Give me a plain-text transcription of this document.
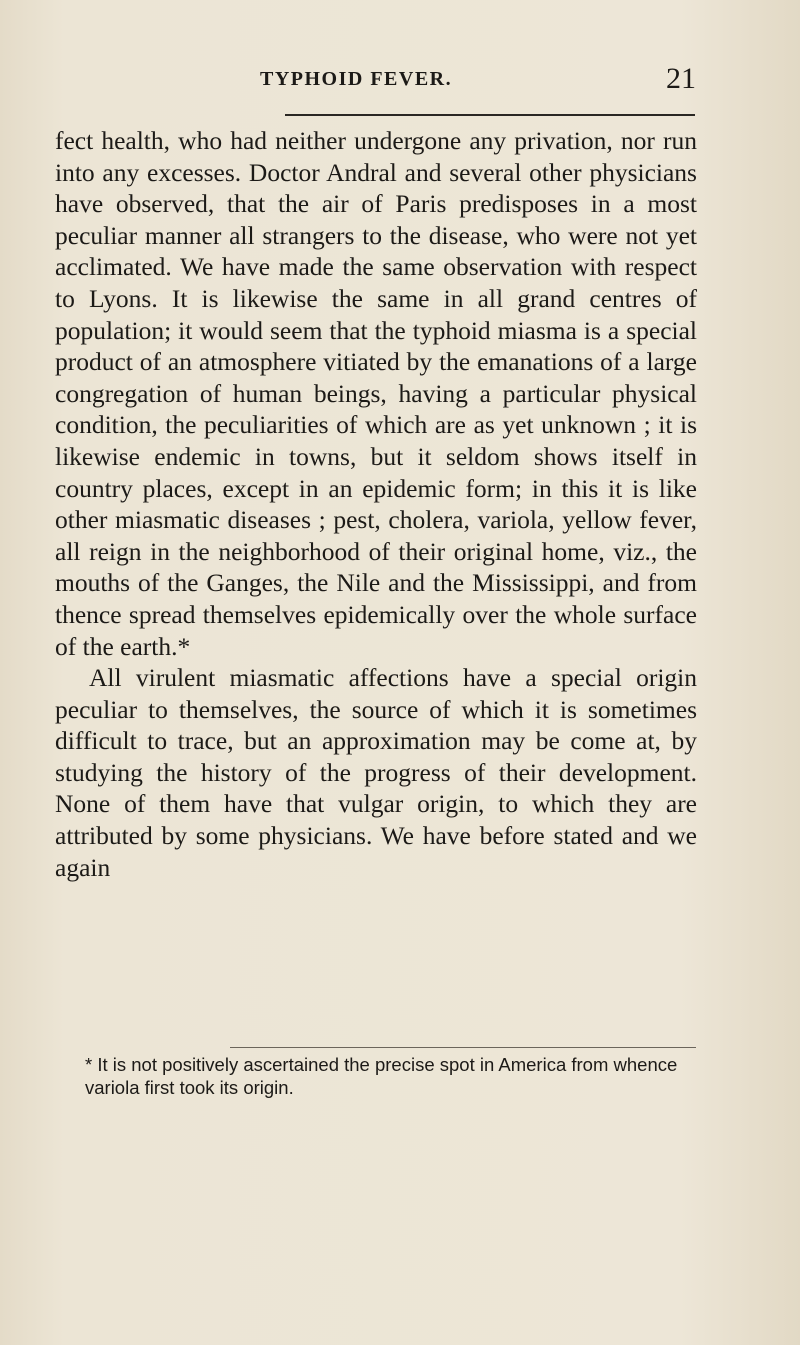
TYPHOID FEVER.	21

fect health, who had neither undergone any privation, nor run into any excesses. Doctor Andral and several other physicians have observed, that the air of Paris predisposes in a most peculiar manner all strangers to the disease, who were not yet acclimated. We have made the same observation with respect to Lyons. It is likewise the same in all grand centres of population; it would seem that the typhoid miasma is a special product of an atmosphere vitiated by the emanations of a large congregation of human beings, having a particular physical condition, the peculiarities of which are as yet unknown ; it is likewise endemic in towns, but it seldom shows itself in country places, except in an epidemic form; in this it is like other miasmatic diseases ; pest, cholera, variola, yellow fever, all reign in the neighborhood of their original home, viz., the mouths of the Ganges, the Nile and the Mississippi, and from thence spread themselves epidemically over the whole surface of the earth.*

All virulent miasmatic affections have a special origin peculiar to themselves, the source of which it is sometimes difficult to trace, but an approximation may be come at, by studying the history of the progress of their development. None of them have that vulgar origin, to which they are attributed by some physicians. We have before stated and we again

* It is not positively ascertained the precise spot in America from whence variola first took its origin.
